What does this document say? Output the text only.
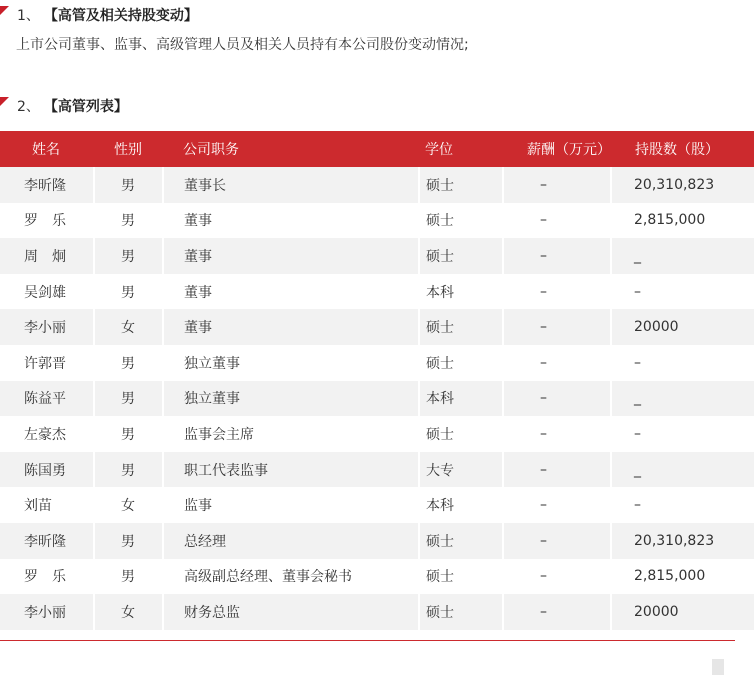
1、 【高管及相关持股变动】
上市公司董事、监事、高级管理人员及相关人员持有本公司股份变动情况;
2、 【高管列表】
姓名	性别	公司职务	学位	薪酬（万元）	持股数（股）
李昕隆	男	董事长	硕士	–	20,310,823
罗　乐	男	董事	硕士	–	2,815,000
周　炯	男	董事	硕士	–	_
吴剑雄	男	董事	本科	–	–
李小丽	女	董事	硕士	–	20000
许郭晋	男	独立董事	硕士	–	–
陈益平	男	独立董事	本科	–	_
左豪杰	男	监事会主席	硕士	–	–
陈国勇	男	职工代表监事	大专	–	_
刘苗	女	监事	本科	–	–
李昕隆	男	总经理	硕士	–	20,310,823
罗　乐	男	高级副总经理、董事会秘书	硕士	–	2,815,000
李小丽	女	财务总监	硕士	–	20000
